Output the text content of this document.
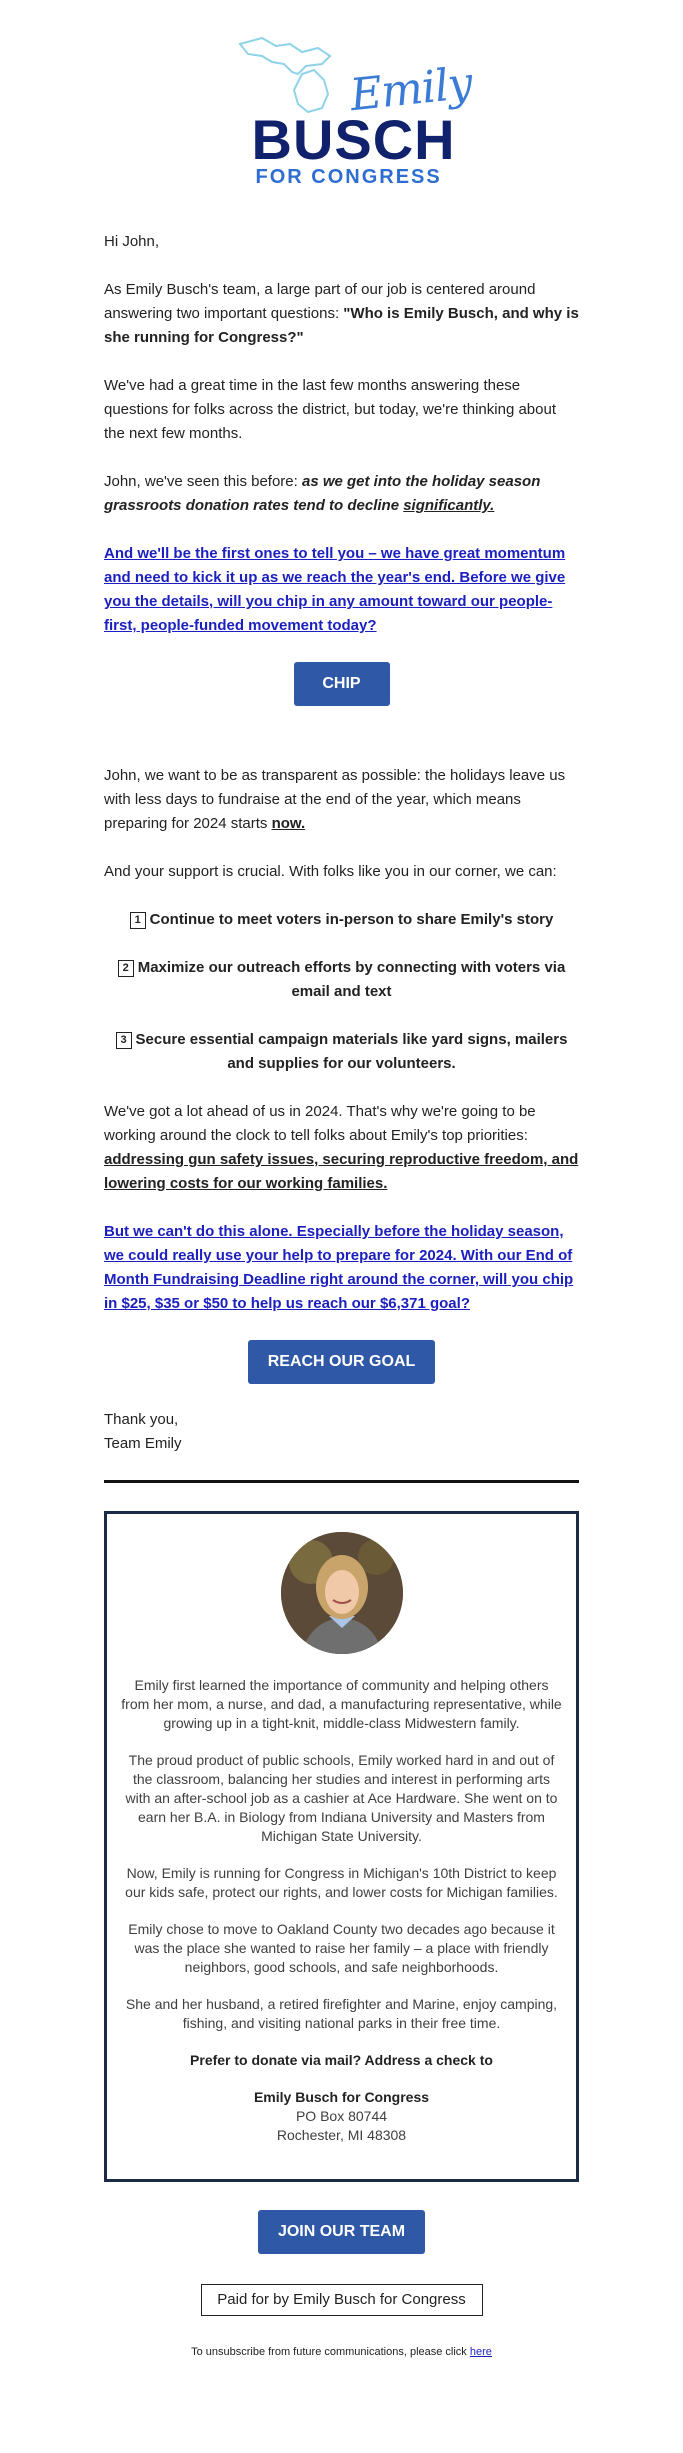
Emily
BUSCH
FOR CONGRESS

Hi John,

As Emily Busch's team, a large part of our job is centered around answering two important questions: "Who is Emily Busch, and why is she running for Congress?"

We've had a great time in the last few months answering these questions for folks across the district, but today, we're thinking about the next few months.

John, we've seen this before: as we get into the holiday season grassroots donation rates tend to decline significantly.

And we'll be the first ones to tell you – we have great momentum and need to kick it up as we reach the year's end. Before we give you the details, will you chip in any amount toward our people-first, people-funded movement today?

CHIP IN

John, we want to be as transparent as possible: the holidays leave us with less days to fundraise at the end of the year, which means preparing for 2024 starts now.

And your support is crucial. With folks like you in our corner, we can:

1 Continue to meet voters in-person to share Emily's story
2 Maximize our outreach efforts by connecting with voters via email and text
3 Secure essential campaign materials like yard signs, mailers and supplies for our volunteers.

We've got a lot ahead of us in 2024. That's why we're going to be working around the clock to tell folks about Emily's top priorities: addressing gun safety issues, securing reproductive freedom, and lowering costs for our working families.

But we can't do this alone. Especially before the holiday season, we could really use your help to prepare for 2024. With our End of Month Fundraising Deadline right around the corner, will you chip in $25, $35 or $50 to help us reach our $6,371 goal?

REACH OUR GOAL

Thank you,
Team Emily

Emily first learned the importance of community and helping others from her mom, a nurse, and dad, a manufacturing representative, while growing up in a tight-knit, middle-class Midwestern family.

The proud product of public schools, Emily worked hard in and out of the classroom, balancing her studies and interest in performing arts with an after-school job as a cashier at Ace Hardware. She went on to earn her B.A. in Biology from Indiana University and Masters from Michigan State University.

Now, Emily is running for Congress in Michigan's 10th District to keep our kids safe, protect our rights, and lower costs for Michigan families.

Emily chose to move to Oakland County two decades ago because it was the place she wanted to raise her family – a place with friendly neighbors, good schools, and safe neighborhoods.

She and her husband, a retired firefighter and Marine, enjoy camping, fishing, and visiting national parks in their free time.

Prefer to donate via mail? Address a check to

Emily Busch for Congress
PO Box 80744
Rochester, MI 48308

JOIN OUR TEAM
Paid for by Emily Busch for Congress

To unsubscribe from future communications, please click here
